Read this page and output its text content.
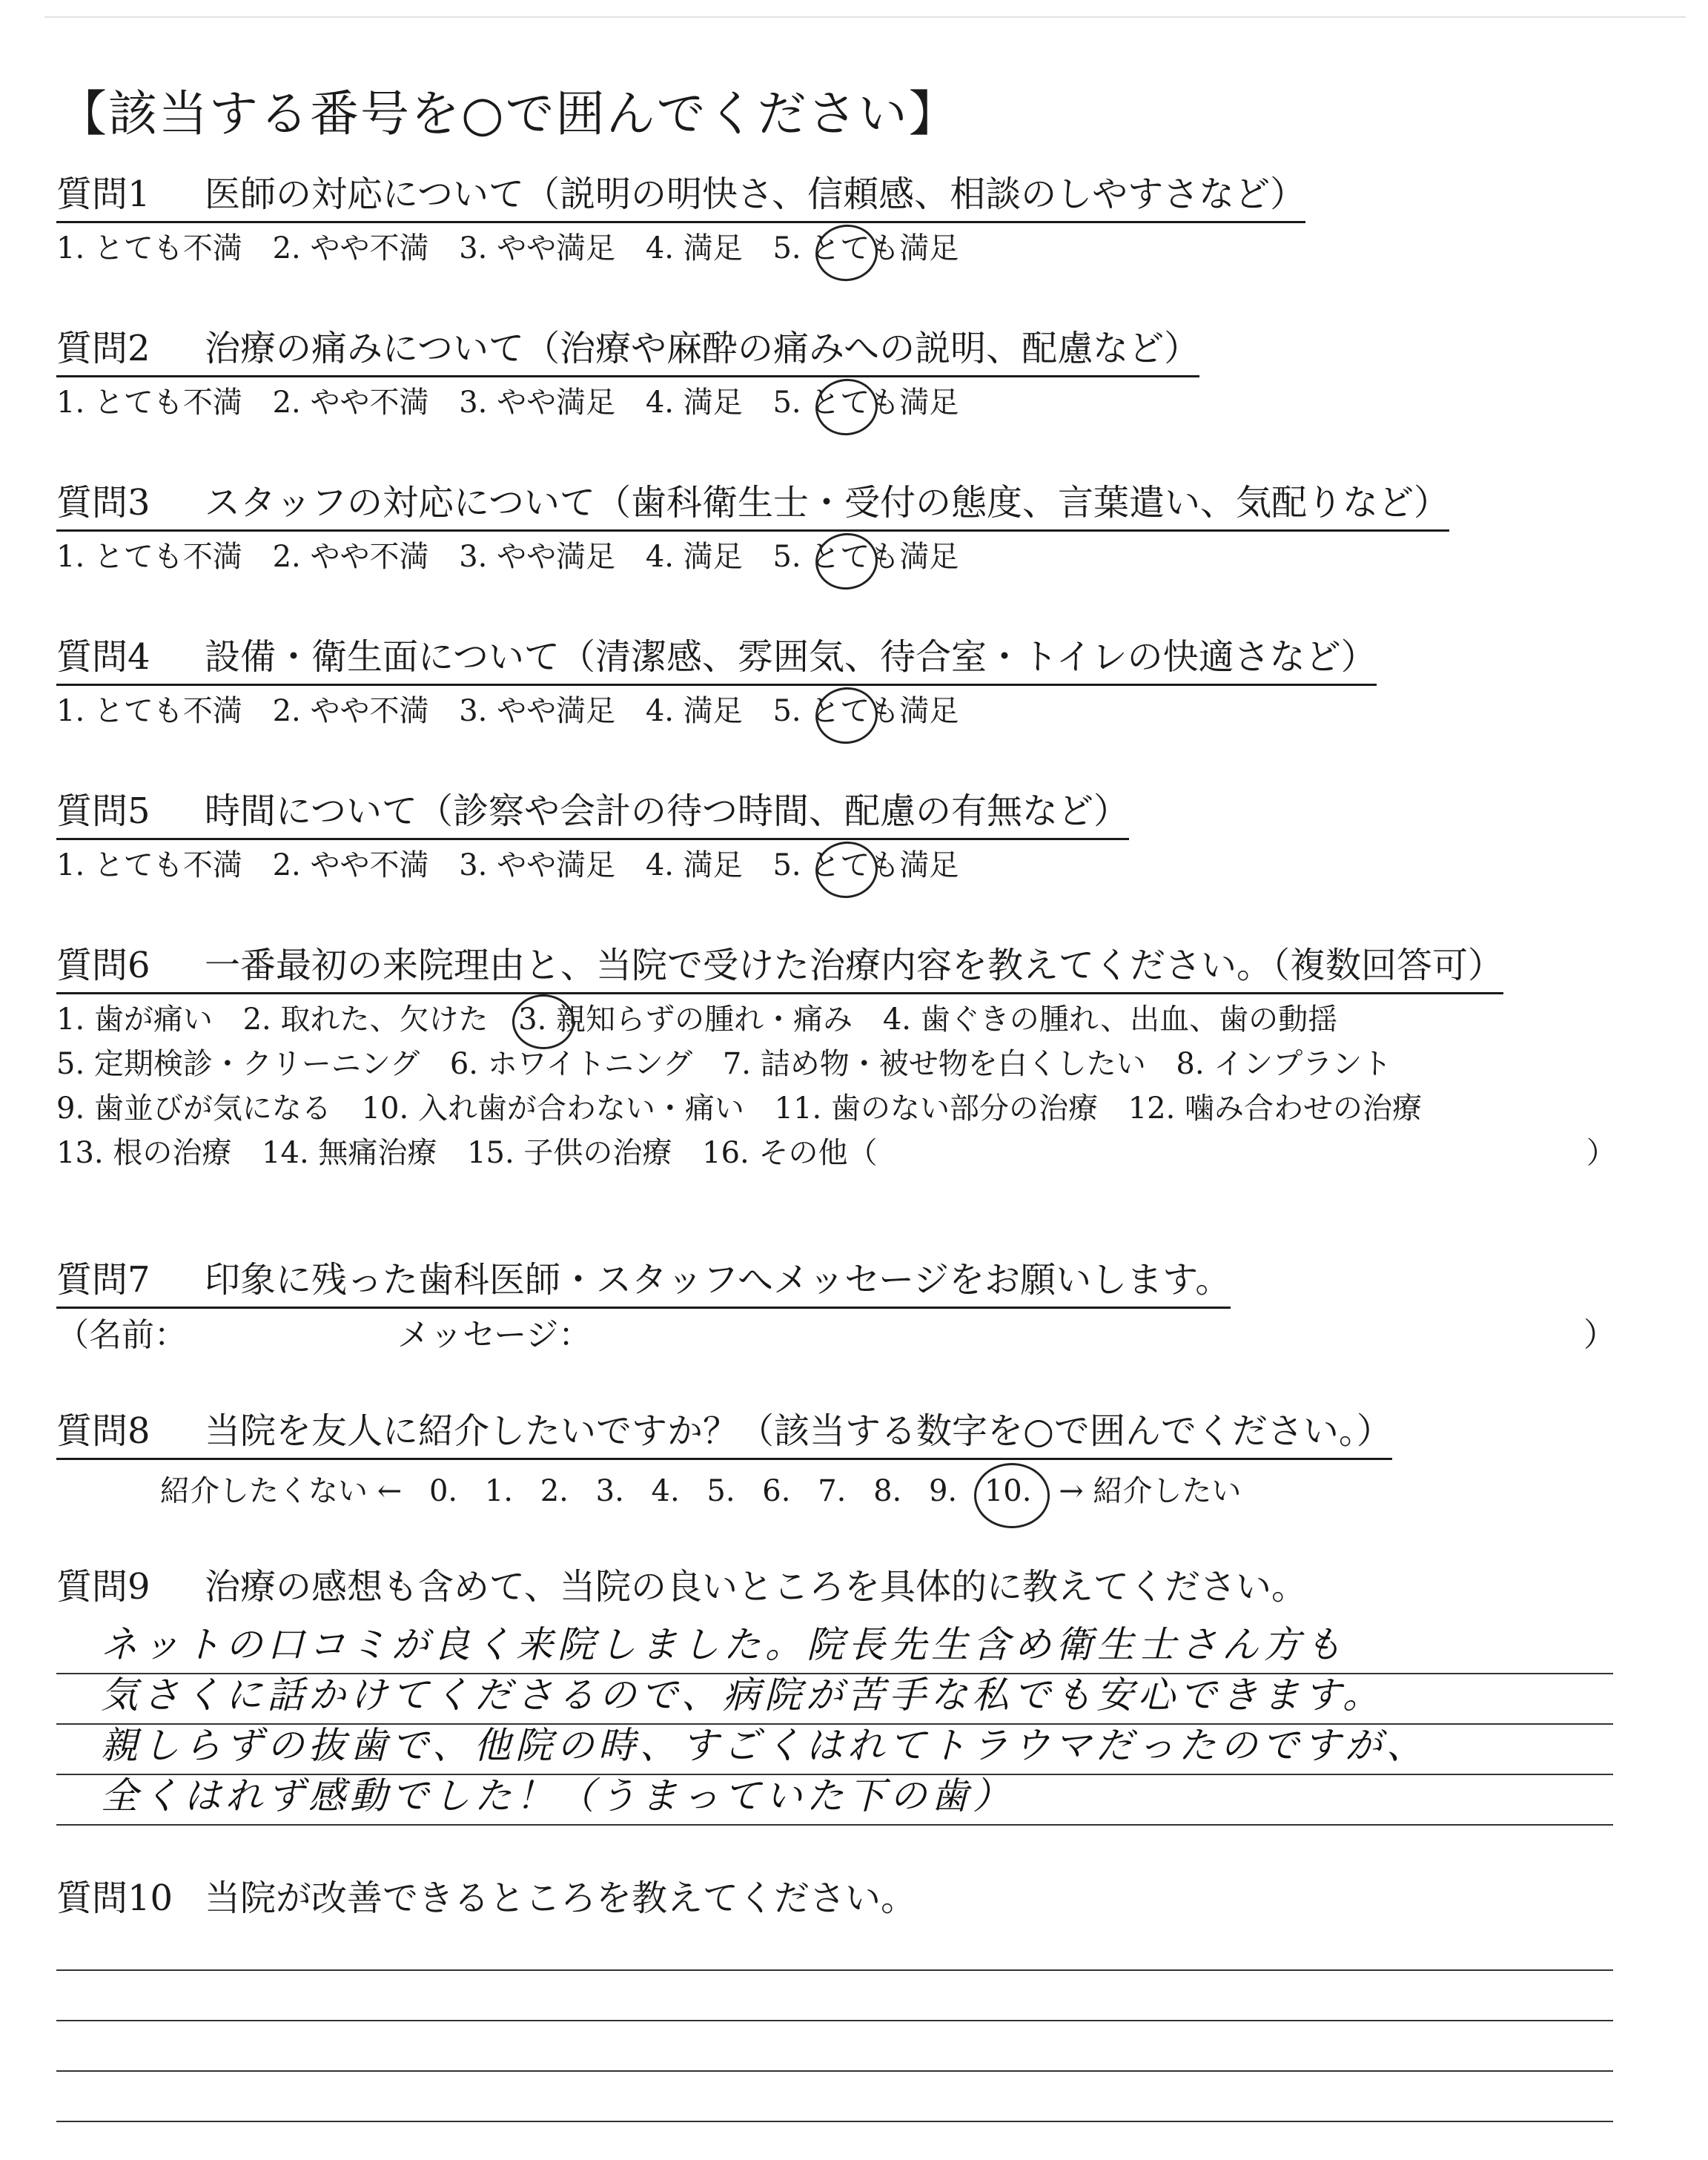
【該当する番号を○で囲んでください】
質問1 医師の対応について（説明の明快さ、信頼感、相談のしやすさなど）
1. とても不満 2. やや不満 3. やや満足 4. 満足 5. とても満足
質問2 治療の痛みについて（治療や麻酔の痛みへの説明、配慮など）
1. とても不満 2. やや不満 3. やや満足 4. 満足 5. とても満足
質問3 スタッフの対応について（歯科衛生士・受付の態度、言葉遣い、気配りなど）
1. とても不満 2. やや不満 3. やや満足 4. 満足 5. とても満足
質問4 設備・衛生面について（清潔感、雰囲気、待合室・トイレの快適さなど）
1. とても不満 2. やや不満 3. やや満足 4. 満足 5. とても満足
質問5 時間について（診察や会計の待つ時間、配慮の有無など）
1. とても不満 2. やや不満 3. やや満足 4. 満足 5. とても満足
質問6 一番最初の来院理由と、当院で受けた治療内容を教えてください。（複数回答可）
1. 歯が痛い 2. 取れた、欠けた 3. 親知らずの腫れ・痛み 4. 歯ぐきの腫れ、出血、歯の動揺
5. 定期検診・クリーニング 6. ホワイトニング 7. 詰め物・被せ物を白くしたい 8. インプラント
9. 歯並びが気になる 10. 入れ歯が合わない・痛い 11. 歯のない部分の治療 12. 噛み合わせの治療
13. 根の治療 14. 無痛治療 15. 子供の治療 16. その他（	）
質問7 印象に残った歯科医師・スタッフへメッセージをお願いします。
（名前：	メッセージ：	）
質問8 当院を友人に紹介したいですか？（該当する数字を○で囲んでください。）
紹介したくない ← 0. 1. 2. 3. 4. 5. 6. 7. 8. 9. 10. → 紹介したい
質問9 治療の感想も含めて、当院の良いところを具体的に教えてください。
ネットの口コミが良く来院しました。院長先生含め衛生士さん方も
気さくに話かけてくださるので、病院が苦手な私でも安心できます。
親しらずの抜歯で、他院の時、すごくはれてトラウマだったのですが、
全くはれず感動でした！（うまっていた下の歯）
質問10 当院が改善できるところを教えてください。
